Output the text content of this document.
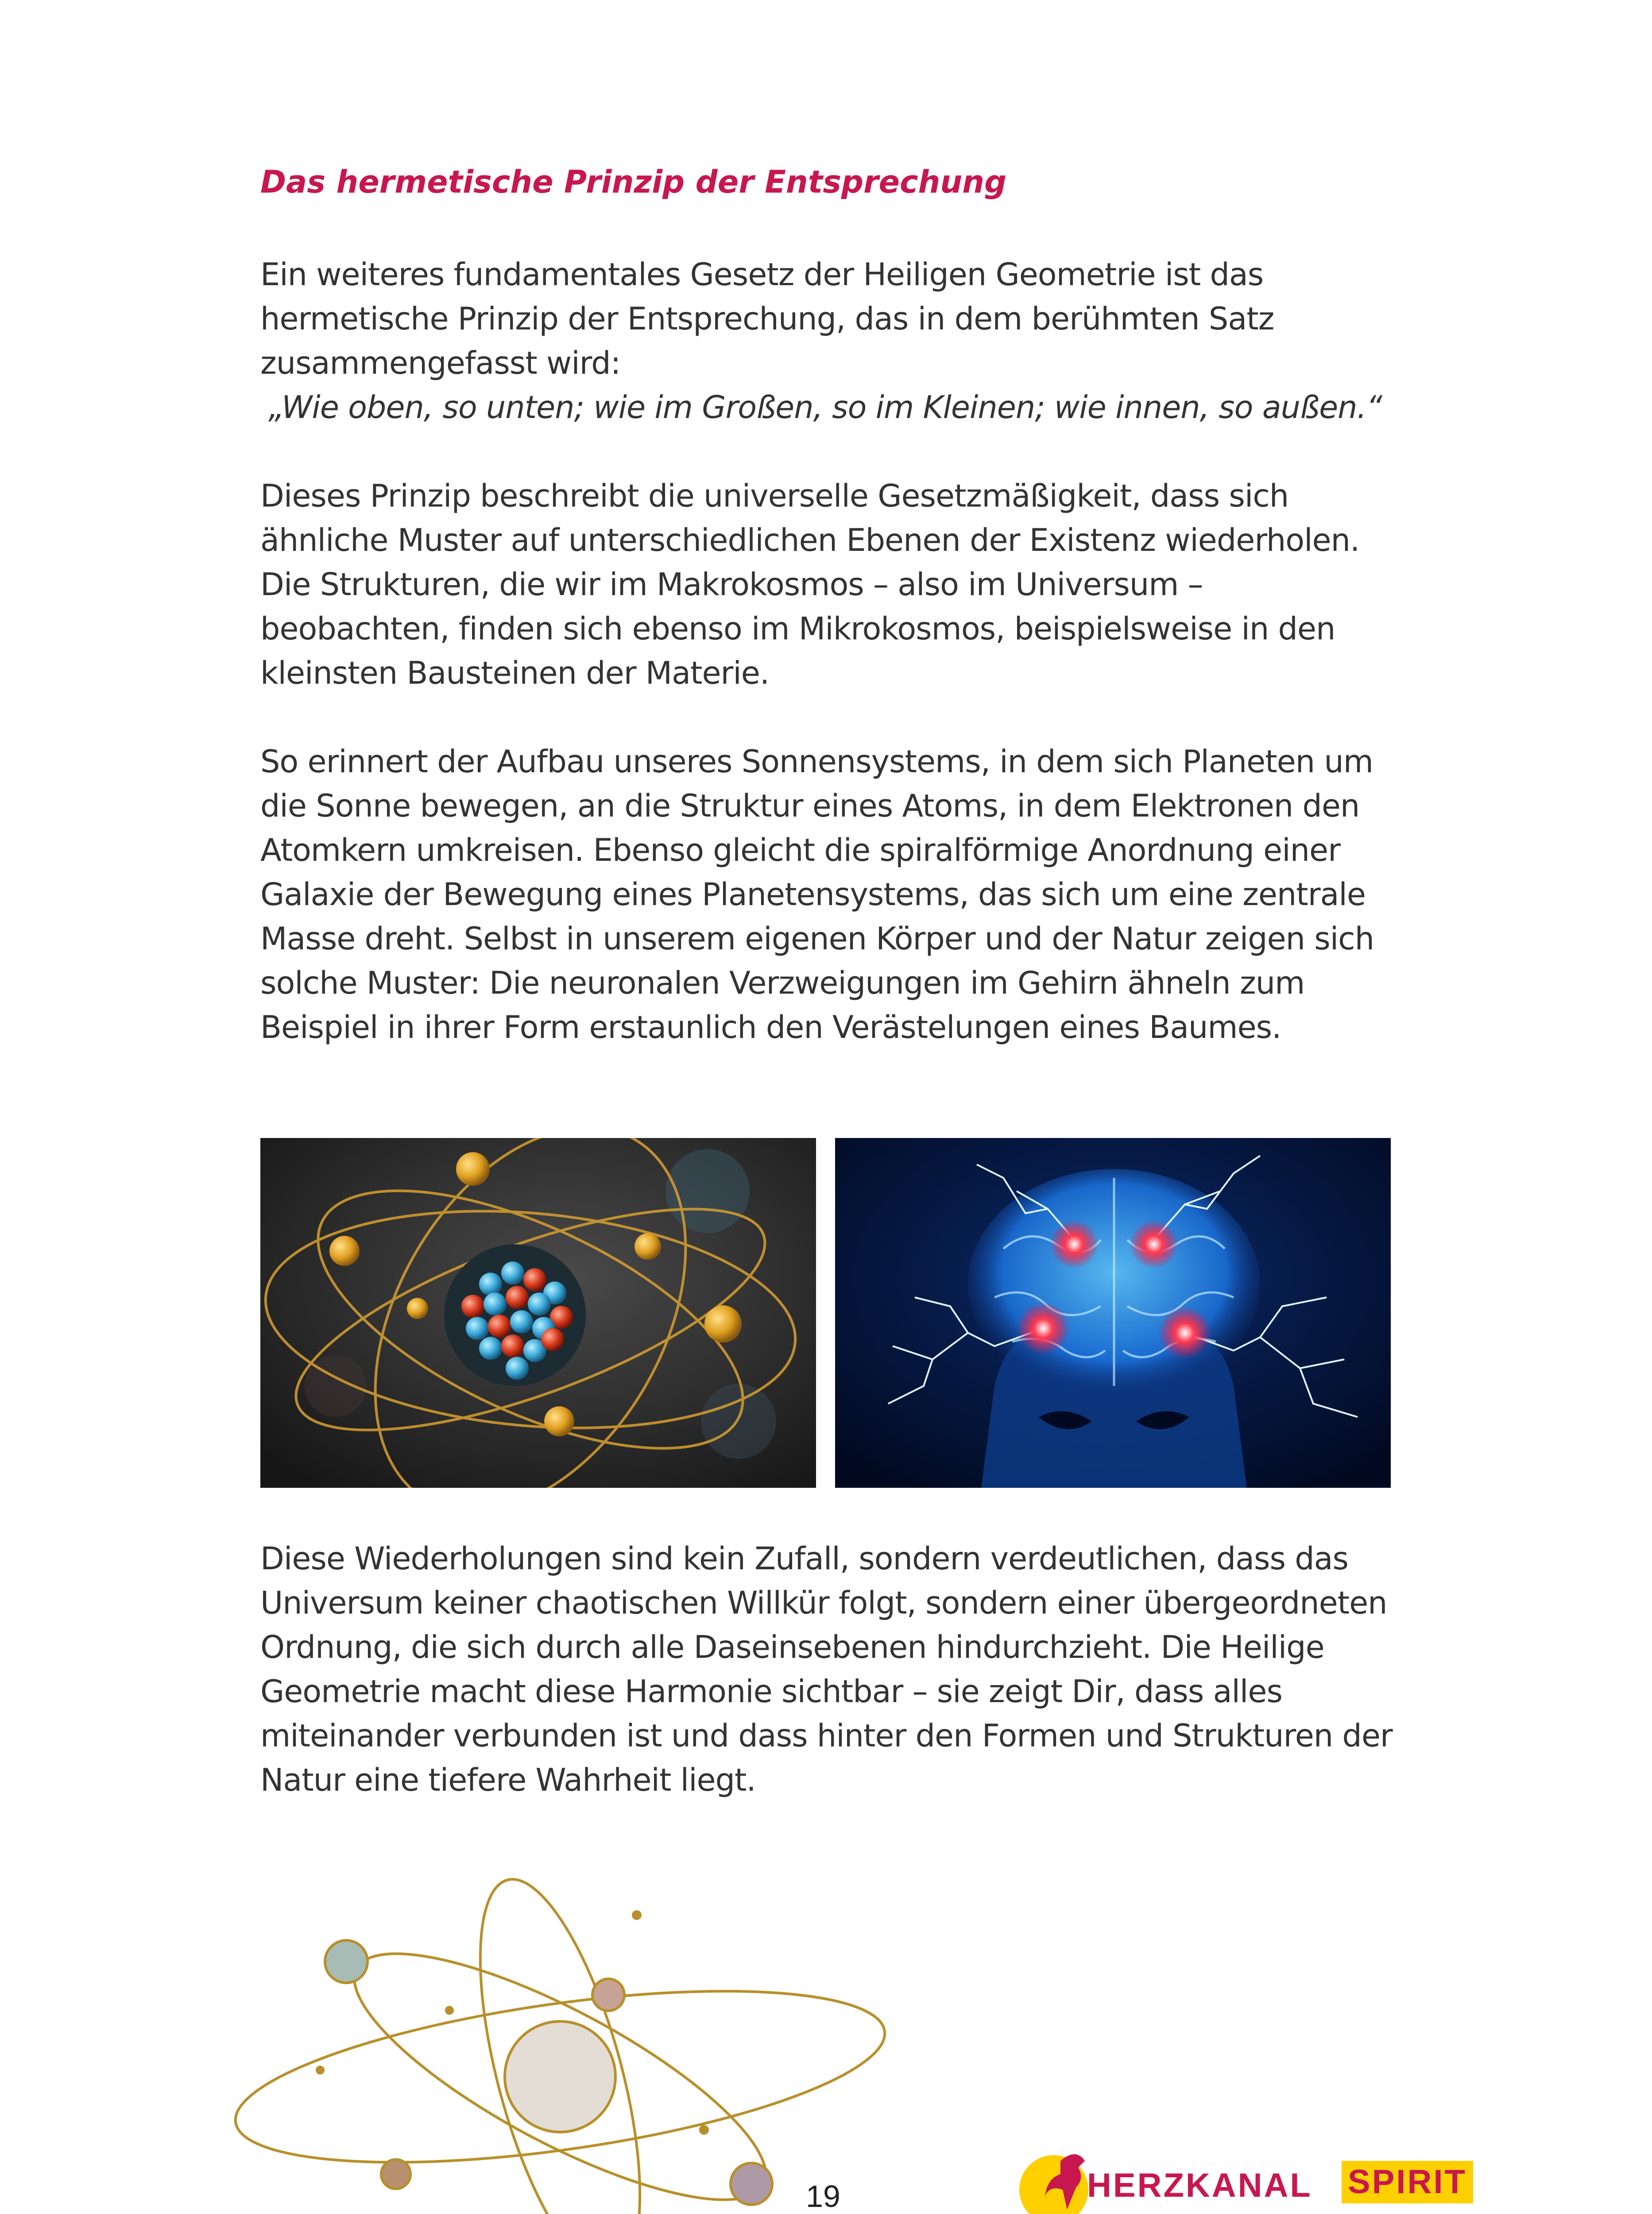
Das hermetische Prinzip der Entsprechung
Ein weiteres fundamentales Gesetz der Heiligen Geometrie ist das
hermetische Prinzip der Entsprechung, das in dem berühmten Satz
zusammengefasst wird:
„Wie oben, so unten; wie im Großen, so im Kleinen; wie innen, so außen.“

Dieses Prinzip beschreibt die universelle Gesetzmäßigkeit, dass sich ähnliche Muster auf unterschiedlichen Ebenen der Existenz wiederholen. Die Strukturen, die wir im Makrokosmos – also im Universum – beobachten, finden sich ebenso im Mikrokosmos, beispielsweise in den kleinsten Bausteinen der Materie.

So erinnert der Aufbau unseres Sonnensystems, in dem sich Planeten um die Sonne bewegen, an die Struktur eines Atoms, in dem Elektronen den Atomkern umkreisen. Ebenso gleicht die spiralförmige Anordnung einer Galaxie der Bewegung eines Planetensystems, das sich um eine zentrale Masse dreht. Selbst in unserem eigenen Körper und der Natur zeigen sich solche Muster: Die neuronalen Verzweigungen im Gehirn ähneln zum Beispiel in ihrer Form erstaunlich den Verästelungen eines Baumes.

Diese Wiederholungen sind kein Zufall, sondern verdeutlichen, dass das Universum keiner chaotischen Willkür folgt, sondern einer übergeordneten Ordnung, die sich durch alle Daseinsebenen hindurchzieht. Die Heilige Geometrie macht diese Harmonie sichtbar – sie zeigt Dir, dass alles miteinander verbunden ist und dass hinter den Formen und Strukturen der Natur eine tiefere Wahrheit liegt.

19	HERZKANAL SPIRIT
